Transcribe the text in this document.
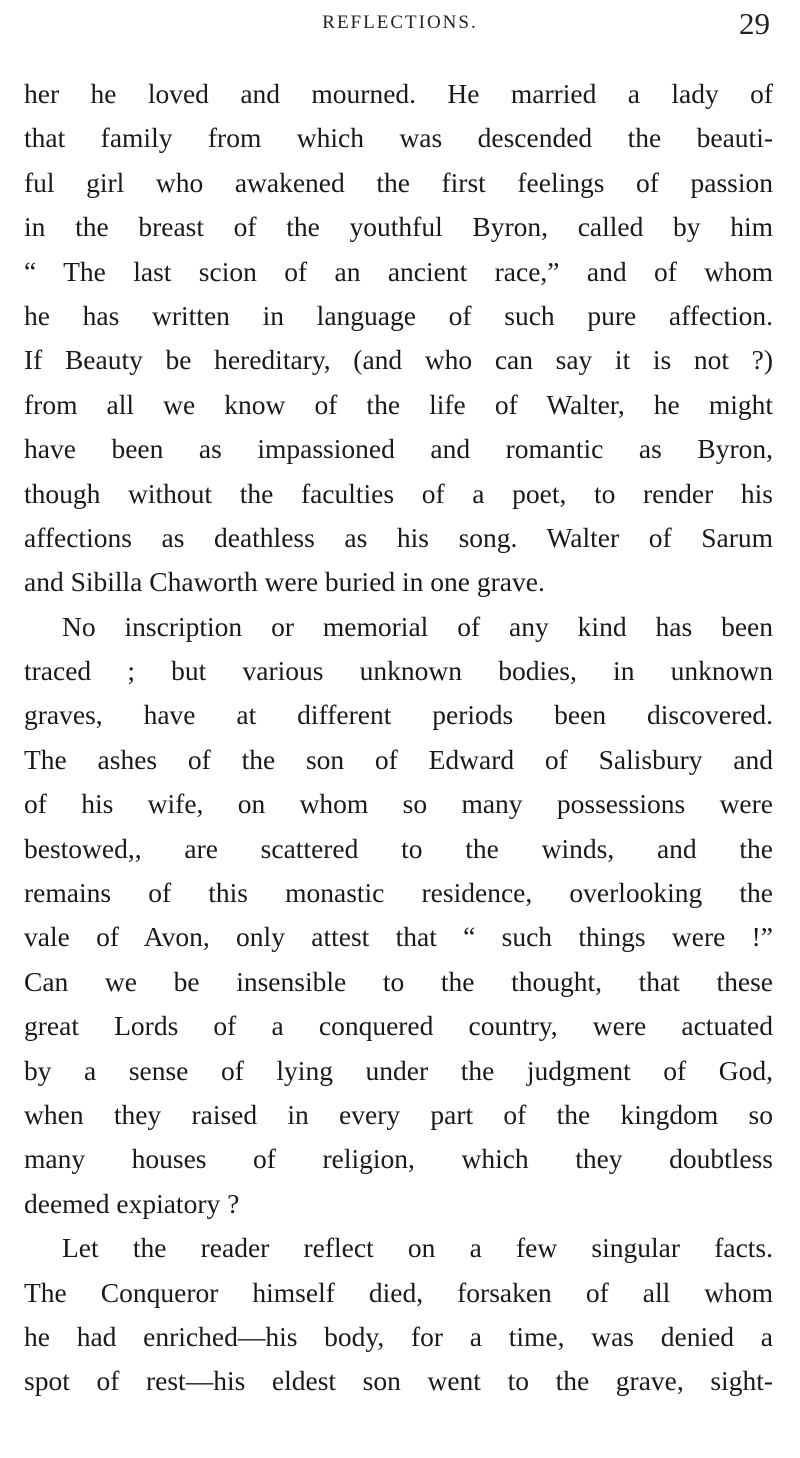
REFLECTIONS.	29
her he loved and mourned. He married a lady of
that family from which was descended the beauti-
ful girl who awakened the first feelings of passion
in the breast of the youthful Byron, called by him
“ The last scion of an ancient race,” and of whom
he has written in language of such pure affection.
If Beauty be hereditary, (and who can say it is not ?)
from all we know of the life of Walter, he might
have been as impassioned and romantic as Byron,
though without the faculties of a poet, to render his
affections as deathless as his song. Walter of Sarum
and Sibilla Chaworth were buried in one grave.
No inscription or memorial of any kind has been
traced ; but various unknown bodies, in unknown
graves, have at different periods been discovered.
The ashes of the son of Edward of Salisbury and
of his wife, on whom so many possessions were
bestowed,, are scattered to the winds, and the
remains of this monastic residence, overlooking the
vale of Avon, only attest that “ such things were !”
Can we be insensible to the thought, that these
great Lords of a conquered country, were actuated
by a sense of lying under the judgment of God,
when they raised in every part of the kingdom so
many houses of religion, which they doubtless
deemed expiatory ?
Let the reader reflect on a few singular facts.
The Conqueror himself died, forsaken of all whom
he had enriched—his body, for a time, was denied a
spot of rest—his eldest son went to the grave, sight-
